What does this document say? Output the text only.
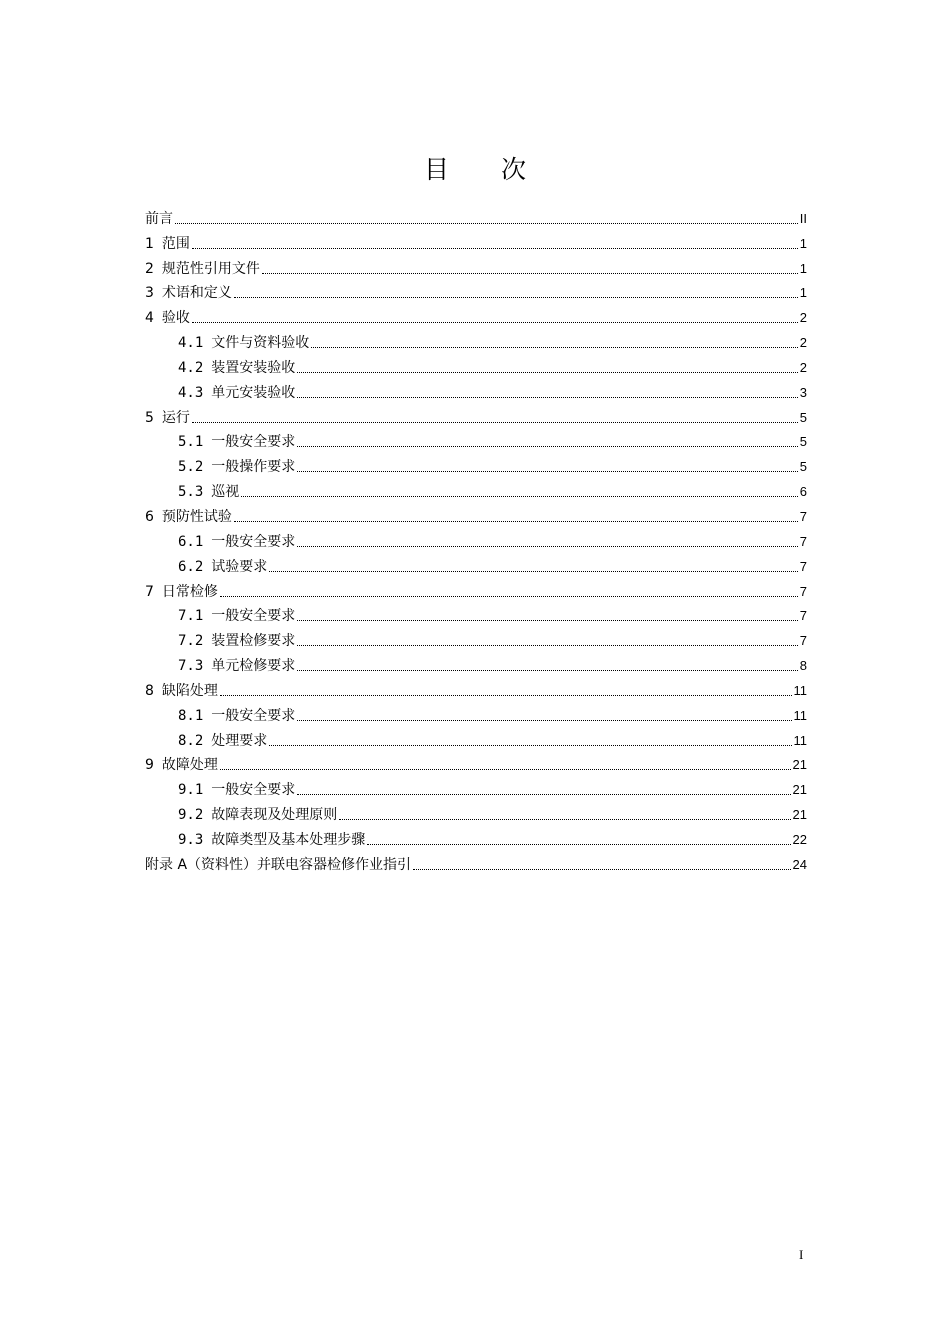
目 次
前言	II
1 范围	1
2 规范性引用文件	1
3 术语和定义	1
4 验收	2
4.1 文件与资料验收	2
4.2 装置安装验收	2
4.3 单元安装验收	3
5 运行	5
5.1 一般安全要求	5
5.2 一般操作要求	5
5.3 巡视	6
6 预防性试验	7
6.1 一般安全要求	7
6.2 试验要求	7
7 日常检修	7
7.1 一般安全要求	7
7.2 装置检修要求	7
7.3 单元检修要求	8
8 缺陷处理	11
8.1 一般安全要求	11
8.2 处理要求	11
9 故障处理	21
9.1 一般安全要求	21
9.2 故障表现及处理原则	21
9.3 故障类型及基本处理步骤	22
附录 A（资料性）并联电容器检修作业指引	24
I
